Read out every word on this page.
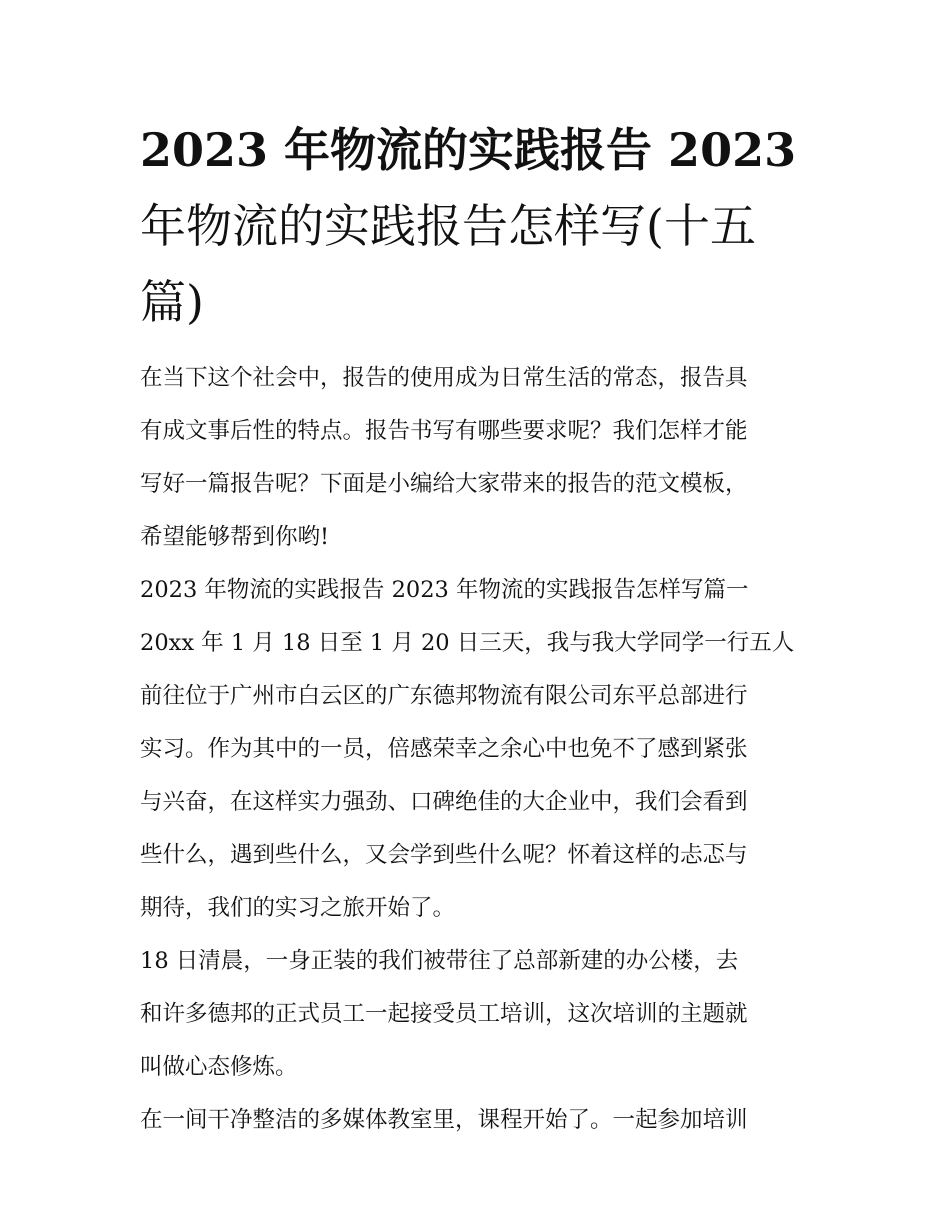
2023 年物流的实践报告 2023
年物流的实践报告怎样写(十五
篇)

在当下这个社会中，报告的使用成为日常生活的常态，报告具
有成文事后性的特点。报告书写有哪些要求呢？我们怎样才能
写好一篇报告呢？下面是小编给大家带来的报告的范文模板，
希望能够帮到你哟!

2023 年物流的实践报告 2023 年物流的实践报告怎样写篇一

20xx 年 1 月 18 日至 1 月 20 日三天，我与我大学同学一行五人
前往位于广州市白云区的广东德邦物流有限公司东平总部进行
实习。作为其中的一员，倍感荣幸之余心中也免不了感到紧张
与兴奋，在这样实力强劲、口碑绝佳的大企业中，我们会看到
些什么，遇到些什么，又会学到些什么呢？怀着这样的忐忑与
期待，我们的实习之旅开始了。

18 日清晨，一身正装的我们被带往了总部新建的办公楼，去
和许多德邦的正式员工一起接受员工培训，这次培训的主题就
叫做心态修炼。

在一间干净整洁的多媒体教室里，课程开始了。一起参加培训
